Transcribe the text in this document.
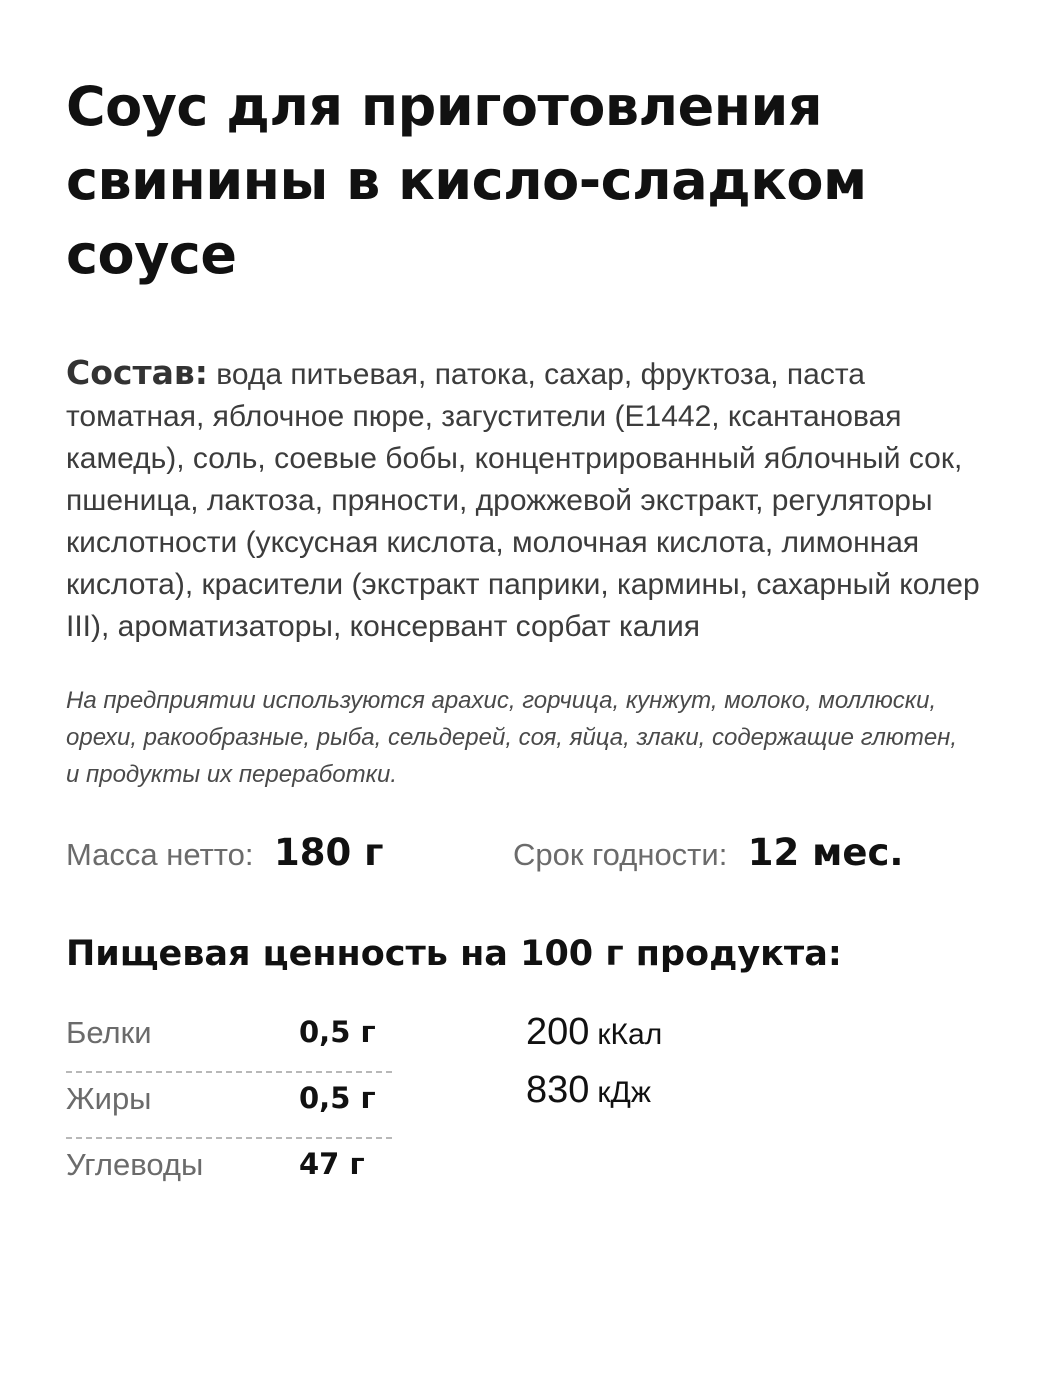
Соус для приготовления
свинины в кисло-сладком
соусе
Состав: вода питьевая, патока, сахар, фруктоза, паста томатная, яблочное пюре, загустители (E1442, ксантановая камедь), соль, соевые бобы, концентрированный яблочный сок, пшеница, лактоза, пряности, дрожжевой экстракт, регуляторы кислотности (уксусная кислота, молочная кислота, лимонная кислота), красители (экстракт паприки, кармины, сахарный колер III), ароматизаторы, консервант сорбат калия
На предприятии используются арахис, горчица, кунжут, молоко, моллюски, орехи, ракообразные, рыба, сельдерей, соя, яйца, злаки, содержащие глютен, и продукты их переработки.
Масса нетто: 180 г	Срок годности: 12 мес.
Пищевая ценность на 100 г продукта:
Белки	0,5 г
Жиры	0,5 г
Углеводы	47 г
200 кКал
830 кДж
